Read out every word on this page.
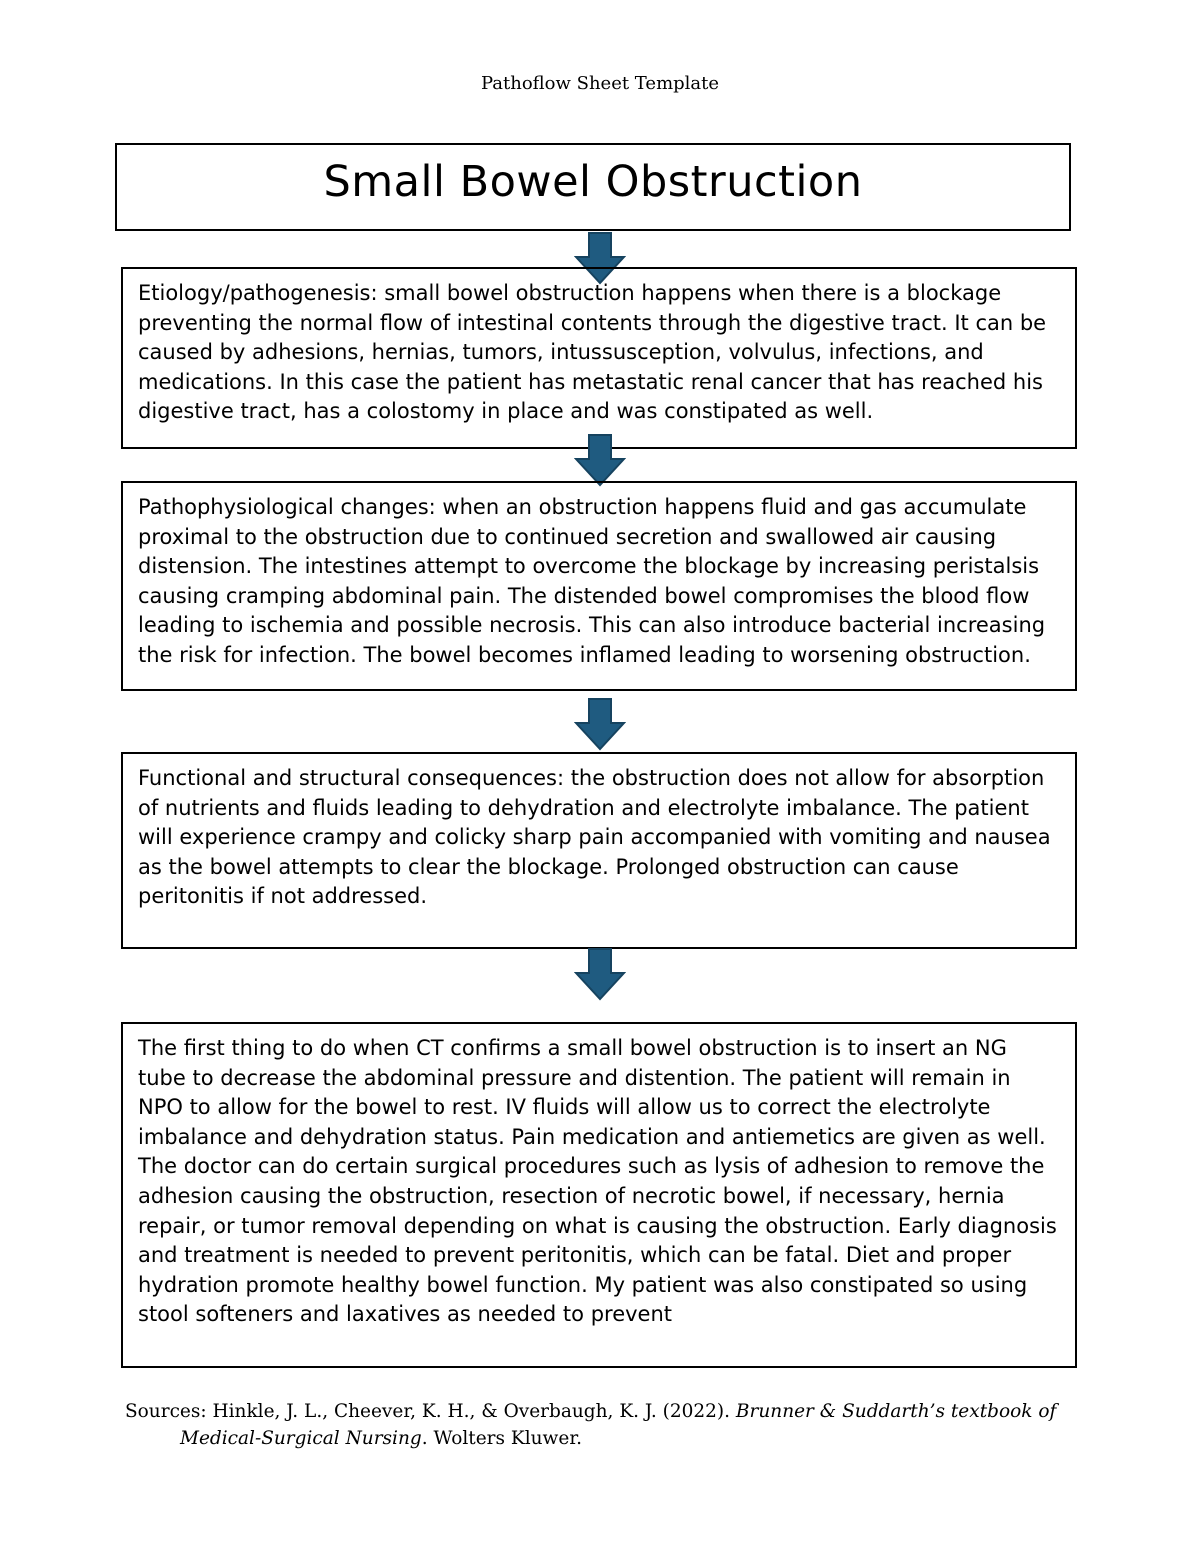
Pathoflow Sheet Template
Small Bowel Obstruction

Etiology/pathogenesis: small bowel obstruction happens when there is a blockage preventing the normal flow of intestinal contents through the digestive tract. It can be caused by adhesions, hernias, tumors, intussusception, volvulus, infections, and medications. In this case the patient has metastatic renal cancer that has reached his digestive tract, has a colostomy in place and was constipated as well.

Pathophysiological changes: when an obstruction happens fluid and gas accumulate proximal to the obstruction due to continued secretion and swallowed air causing distension. The intestines attempt to overcome the blockage by increasing peristalsis causing cramping abdominal pain. The distended bowel compromises the blood flow leading to ischemia and possible necrosis. This can also introduce bacterial increasing the risk for infection. The bowel becomes inflamed leading to worsening obstruction.

Functional and structural consequences: the obstruction does not allow for absorption of nutrients and fluids leading to dehydration and electrolyte imbalance. The patient will experience crampy and colicky sharp pain accompanied with vomiting and nausea as the bowel attempts to clear the blockage. Prolonged obstruction can cause peritonitis if not addressed.

The first thing to do when CT confirms a small bowel obstruction is to insert an NG tube to decrease the abdominal pressure and distention. The patient will remain in NPO to allow for the bowel to rest. IV fluids will allow us to correct the electrolyte imbalance and dehydration status. Pain medication and antiemetics are given as well. The doctor can do certain surgical procedures such as lysis of adhesion to remove the adhesion causing the obstruction, resection of necrotic bowel, if necessary, hernia repair, or tumor removal depending on what is causing the obstruction. Early diagnosis and treatment is needed to prevent peritonitis, which can be fatal. Diet and proper hydration promote healthy bowel function. My patient was also constipated so using stool softeners and laxatives as needed to prevent

Sources: Hinkle, J. L., Cheever, K. H., & Overbaugh, K. J. (2022). Brunner & Suddarth’s textbook of
Medical-Surgical Nursing. Wolters Kluwer.
